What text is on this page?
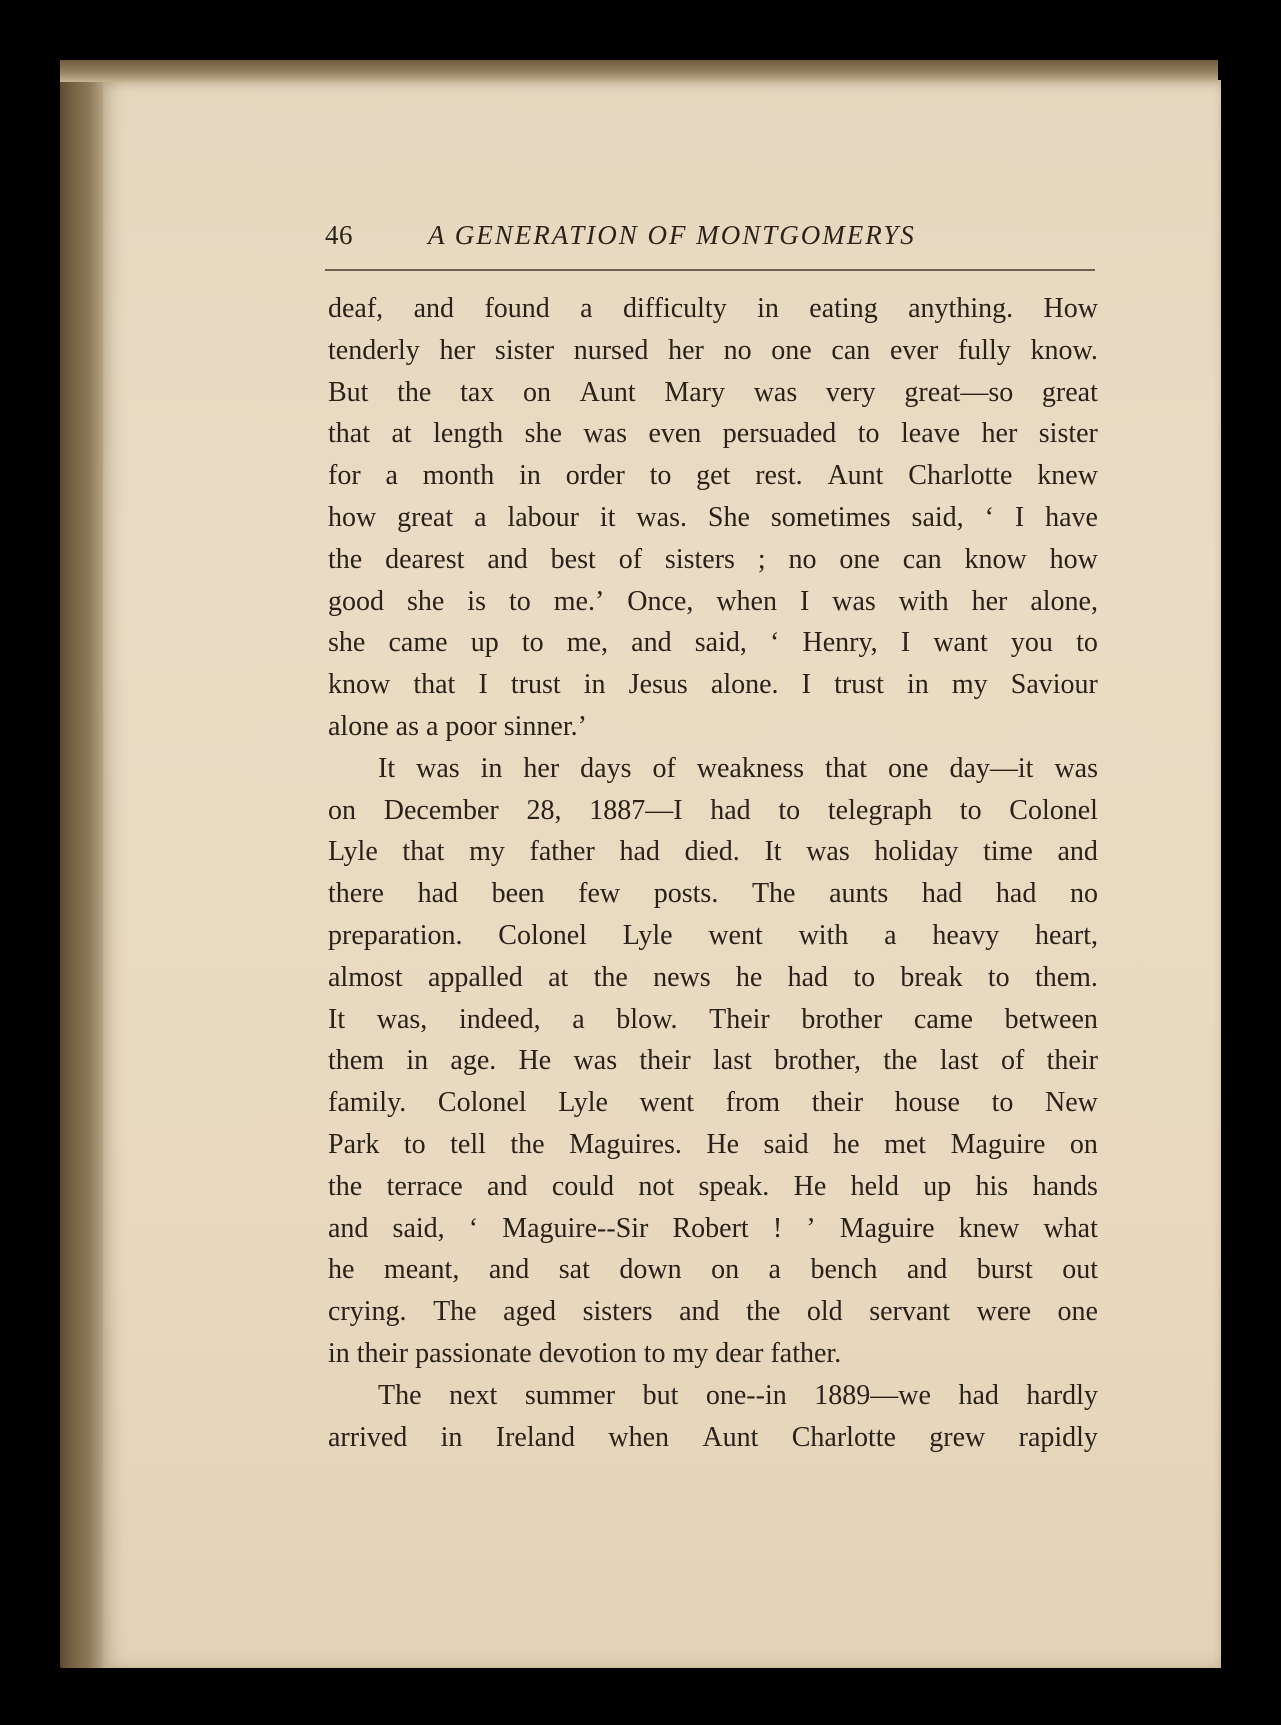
46	A GENERATION OF MONTGOMERYS
deaf, and found a difficulty in eating anything. How
tenderly her sister nursed her no one can ever fully know.
But the tax on Aunt Mary was very great—so great
that at length she was even persuaded to leave her sister
for a month in order to get rest. Aunt Charlotte knew
how great a labour it was. She sometimes said, ‘ I have
the dearest and best of sisters ; no one can know how
good she is to me.’ Once, when I was with her alone,
she came up to me, and said, ‘ Henry, I want you to
know that I trust in Jesus alone. I trust in my Saviour
alone as a poor sinner.’
It was in her days of weakness that one day—it was
on December 28, 1887—I had to telegraph to Colonel
Lyle that my father had died. It was holiday time and
there had been few posts. The aunts had had no
preparation. Colonel Lyle went with a heavy heart,
almost appalled at the news he had to break to them.
It was, indeed, a blow. Their brother came between
them in age. He was their last brother, the last of their
family. Colonel Lyle went from their house to New
Park to tell the Maguires. He said he met Maguire on
the terrace and could not speak. He held up his hands
and said, ‘ Maguire--Sir Robert ! ’ Maguire knew what
he meant, and sat down on a bench and burst out
crying. The aged sisters and the old servant were one
in their passionate devotion to my dear father.
The next summer but one--in 1889—we had hardly
arrived in Ireland when Aunt Charlotte grew rapidly
